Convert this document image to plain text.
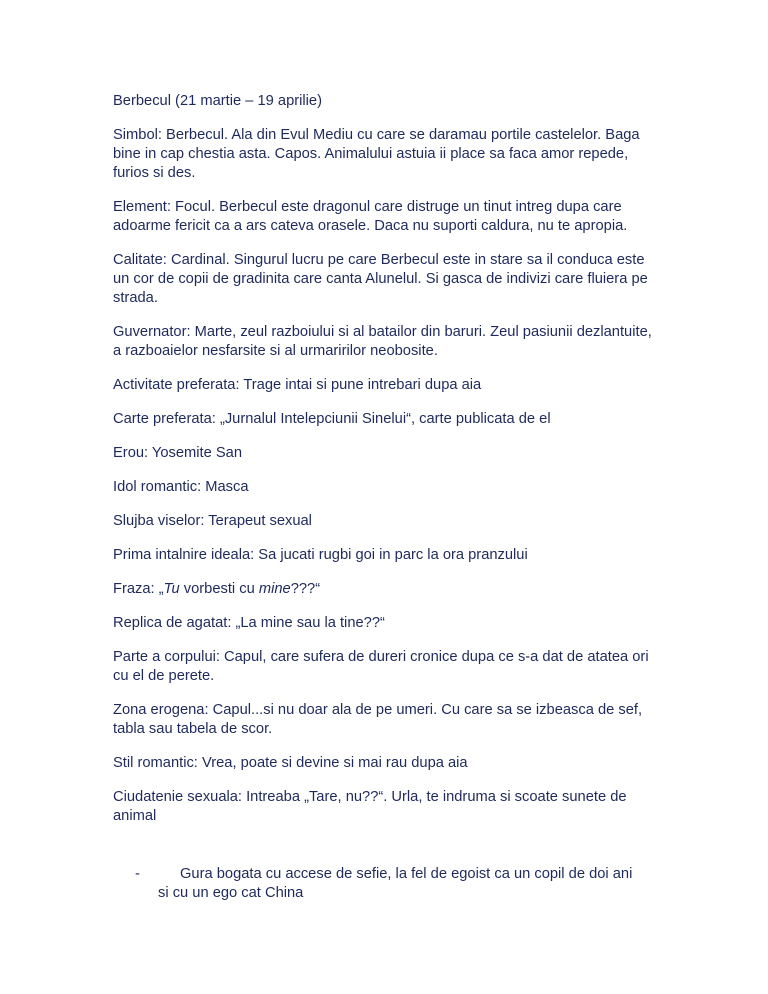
Berbecul (21 martie – 19 aprilie)

Simbol: Berbecul. Ala din Evul Mediu cu care se daramau portile castelelor. Baga bine in cap chestia asta. Capos. Animalului astuia ii place sa faca amor repede, furios si des.

Element: Focul. Berbecul este dragonul care distruge un tinut intreg dupa care adoarme fericit ca a ars cateva orasele. Daca nu suporti caldura, nu te apropia.

Calitate: Cardinal. Singurul lucru pe care Berbecul este in stare sa il conduca este un cor de copii de gradinita care canta Alunelul. Si gasca de indivizi care fluiera pe strada.

Guvernator: Marte, zeul razboiului si al batailor din baruri. Zeul pasiunii dezlantuite, a razboaielor nesfarsite si al urmaririlor neobosite.

Activitate preferata: Trage intai si pune intrebari dupa aia

Carte preferata: „Jurnalul Intelepciunii Sinelui“, carte publicata de el

Erou: Yosemite San

Idol romantic: Masca

Slujba viselor: Terapeut sexual

Prima intalnire ideala: Sa jucati rugbi goi in parc la ora pranzului

Fraza: „Tu vorbesti cu mine???“

Replica de agatat: „La mine sau la tine??“

Parte a corpului: Capul, care sufera de dureri cronice dupa ce s-a dat de atatea ori cu el de perete.

Zona erogena: Capul...si nu doar ala de pe umeri. Cu care sa se izbeasca de sef, tabla sau tabela de scor.

Stil romantic: Vrea, poate si devine si mai rau dupa aia

Ciudatenie sexuala: Intreaba „Tare, nu??“. Urla, te indruma si scoate sunete de animal

-	Gura bogata cu accese de sefie, la fel de egoist ca un copil de doi ani
si cu un ego cat China
